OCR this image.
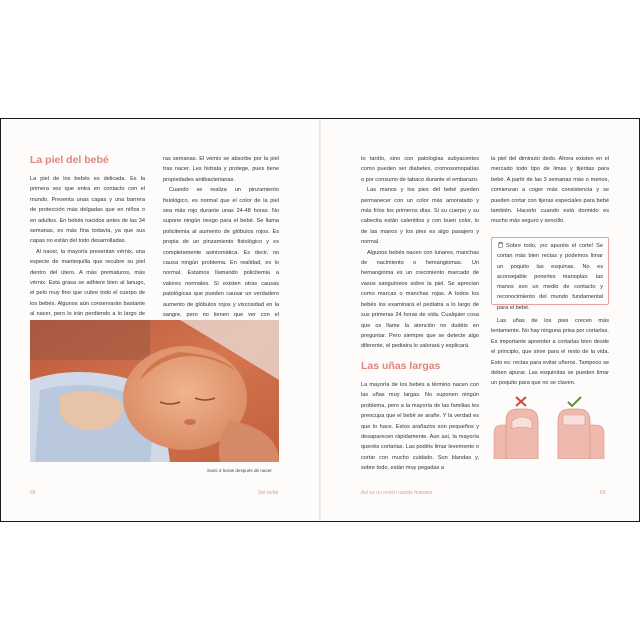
La piel del bebé

La piel de los bebés es delicada. Es la primera vez que entra en contacto con el mundo. Presenta unas capas y una barrera de protección más delgadas que en niños o en adultos. En bebés nacidos antes de las 34 semanas, es más fina todavía, ya que sus capas no están del todo desarrolladas.

Al nacer, la mayoría presentan vérnix, una especie de mantequilla que recubre su piel dentro del útero. A más prematuros, más vérnix. Esta grasa se adhiere bien al lanugo, el pelo muy fino que cubre todo el cuerpo de los bebés. Algunos aún conservarán bastante al nacer, pero lo irán perdiendo a lo largo de

ras semanas. El vérnix se absorbe por la piel tras nacer. Les hidrata y protege, pues tiene propiedades antibacterianas.

Cuando se realiza un pinzamiento fisiológico, es normal que el color de la piel sea más rojo durante unas 24-48 horas. No supone ningún riesgo para el bebé. Se llama policitemia al aumento de glóbulos rojos. Es propia de un pinzamiento fisiológico y es completamente asintomática. Es decir, no causa ningún problema. En realidad, es lo normal. Estamos llamando policitemia a valores normales. Si existen otras causas patológicas que pueden causar un verdadero aumento de glóbulos rojos y viscosidad en la sangre, pero no tienen que ver con el

Sami 4 horas después de nacer
68	Ser bebé

to tardío, sino con patologías subyacentes como pueden ser diabetes, cromosomopatías o por consumo de tabaco durante el embarazo.

Las manos y los pies del bebé pueden permanecer con un color más amoratado y más fríos los primeros días. Si su cuerpo y su cabecita están calentitos y con buen color, lo de las manos y los pies es algo pasajero y normal.

Algunos bebés nacen con lunares, manchas de nacimiento o hemangiomas. Un hemangioma es un crecimiento marcado de vasos sanguíneos sobre la piel. Se aprecian como marcas o manchas rojas. A todos los bebés los examinará el pediatra a lo largo de sus primeras 24 horas de vida. Cualquier cosa que os llame la atención no dudéis en preguntar. Pero siempre que se detecte algo diferente, el pediatra lo valorará y explicará.

Las uñas largas

La mayoría de los bebés a término nacen con las uñas muy largas. No suponen ningún problema, pero a la mayoría de las familias les preocupa que el bebé se arañe. Y la verdad es que lo hace. Estos arañazos son pequeños y desaparecen rápidamente. Aun así, la mayoría queréis cortarlas. Las podéis limar levemente o cortar con mucho cuidado. Son blandas y, sobre todo, están muy pegadas a

la piel del diminuto dedo. Ahora existen en el mercado todo tipo de limas y tijeritas para bebé. A partir de las 3 semanas más o menos, comienzan a coger más consistencia y se pueden cortar con tijeras especiales para bebé también. Hacerlo cuando está dormido es mucho más seguro y sencillo.

Sobre todo, ¡no apuréis el corte! Se cortan más bien rectas y podemos limar un poquito las esquinas. No es aconsejable ponerles manoplas: las manos son un medio de contacto y reconocimiento del mundo fundamental para el bebé.

Las uñas de los pies crecen más lentamente. No hay ninguna prisa por cortarlas. Es importante aprender a cortarlas bien desde el principio, que sirve para el resto de la vida. Esto es: rectas para evitar uñeros. Tampoco se deben apurar. Las esquinitas se pueden limar un poquito para que no se claven.

Así es un recién nacido humano	69
